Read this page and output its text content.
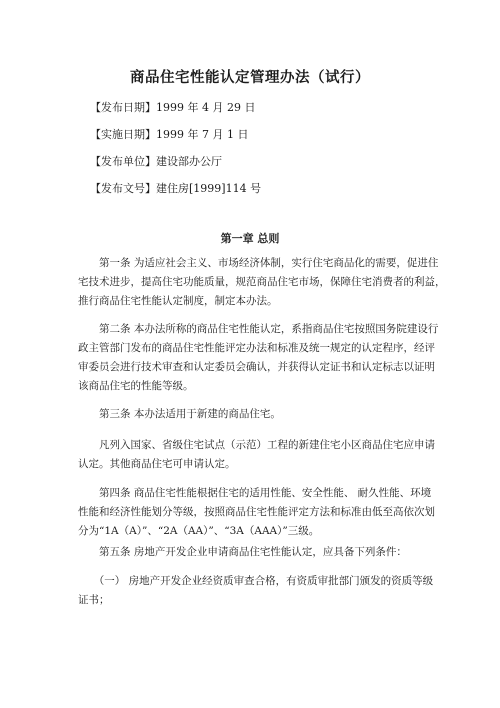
商品住宅性能认定管理办法（试行）
【发布日期】1999 年 4 月 29 日
【实施日期】1999 年 7 月 1 日
【发布单位】建设部办公厅
【发布文号】建住房[1999]114 号
第一章 总则
　　第一条 为适应社会主义、市场经济体制，实行住宅商品化的需要，促进住
宅技术进步，提高住宅功能质量，规范商品住宅市场，保障住宅消费者的利益，
推行商品住宅性能认定制度，制定本办法。
　　第二条 本办法所称的商品住宅性能认定，系指商品住宅按照国务院建设行
政主管部门发布的商品住宅性能评定办法和标准及统一规定的认定程序，经评
审委员会进行技术审查和认定委员会确认，并获得认定证书和认定标志以证明
该商品住宅的性能等级。
　　第三条 本办法适用于新建的商品住宅。
　　凡列入国家、省级住宅试点（示范）工程的新建住宅小区商品住宅应申请
认定。其他商品住宅可申请认定。
　　第四条 商品住宅性能根据住宅的适用性能、安全性能、 耐久性能、环境
性能和经济性能划分等级，按照商品住宅性能评定方法和标准由低至高依次划
分为“1A（A）”、“2A（AA）”、“3A（AAA）”三级。
　　第五条 房地产开发企业申请商品住宅性能认定，应具备下列条件：
　　（一） 房地产开发企业经资质审查合格，有资质审批部门颁发的资质等级
证书；
